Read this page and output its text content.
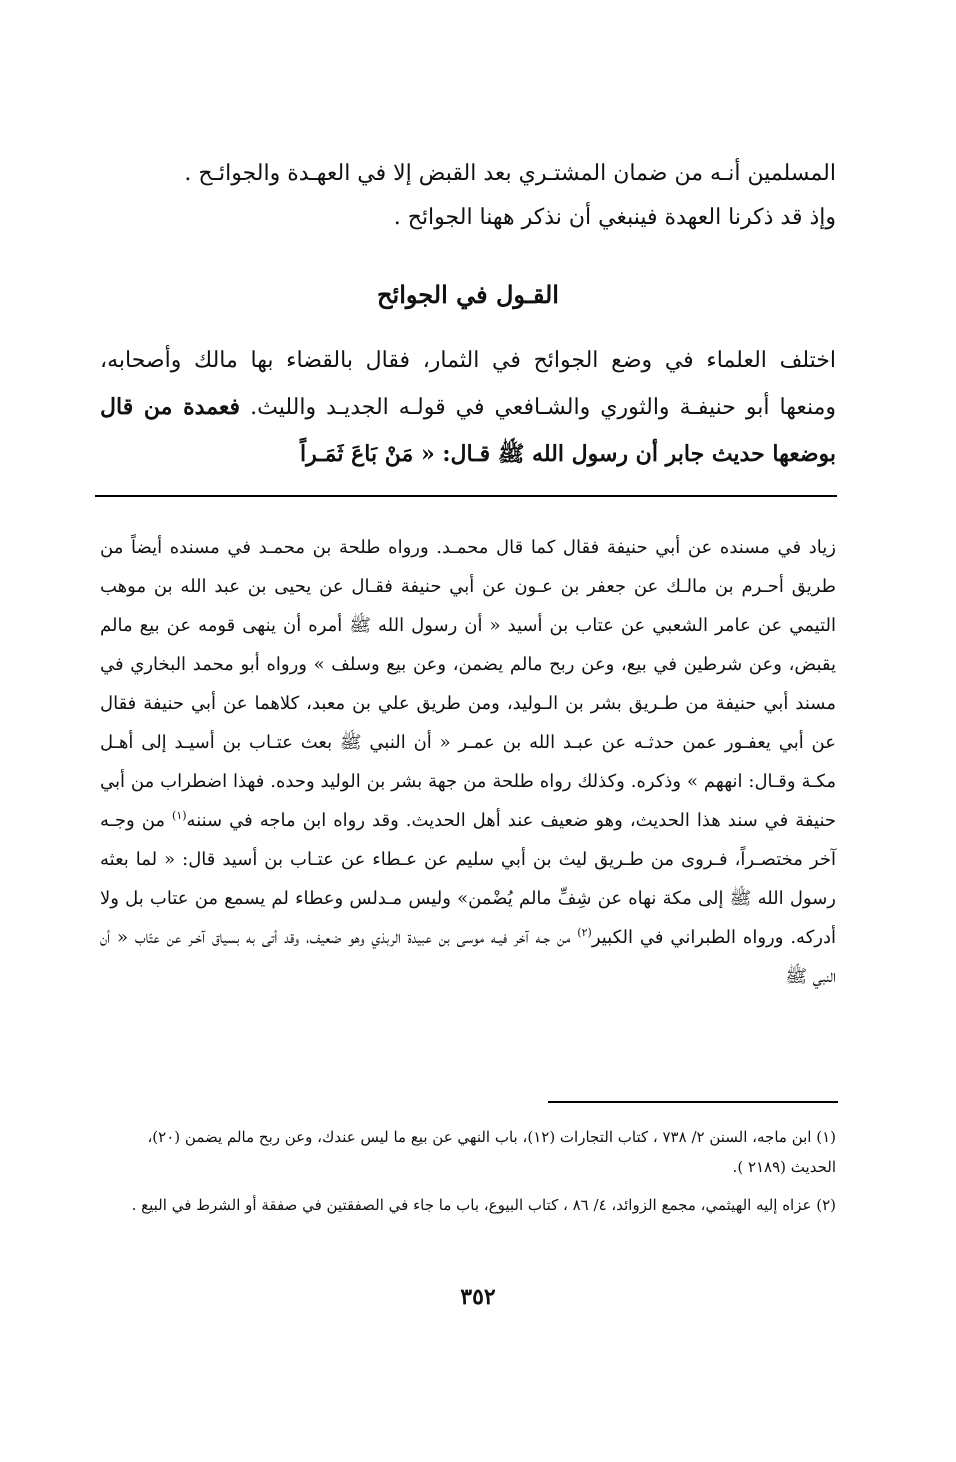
المسلمين أنـه من ضمان المشتـري بعد القبض إلا في العهـدة والجوائـح .

وإذ قد ذكرنا العهدة فينبغي أن نذكر ههنا الجوائح .

القـول في الجوائح
اختلف العلماء في وضع الجوائح في الثمار، فقال بالقضاء بها مالك وأصحابه، ومنعها أبو حنيفـة والثوري والشـافعي في قولـه الجديـد والليث. فعمدة من قال بوضعها حديث جابر أن رسول الله ﷺ قـال: « مَنْ بَاعَ ثَمَـراً
زياد في مسنده عن أبي حنيفة فقال كما قال محمـد. ورواه طلحة بن محمـد في مسنده أيضاً من طريق أحـرم بن مالـك عن جعفر بن عـون عن أبي حنيفة فقـال عن يحيى بن عبد الله بن موهب التيمي عن عامر الشعبي عن عتاب بن أسيد « أن رسول الله ﷺ أمره أن ينهى قومه عن بيع مالم يقبض، وعن شرطين في بيع، وعن ربح مالم يضمن، وعن بيع وسلف » ورواه أبو محمد البخاري في مسند أبي حنيفة من طـريق بشر بن الـوليد، ومن طريق علي بن معبد، كلاهما عن أبي حنيفة فقال عن أبي يعفـور عمن حدثـه عن عبـد الله بن عمـر « أن النبي ﷺ بعث عتـاب بن أسيـد إلى أهـل مكـة وقـال: انههم » وذكره. وكذلك رواه طلحة من جهة بشر بن الوليد وحده. فهذا اضطراب من أبي حنيفة في سند هذا الحديث، وهو ضعيف عند أهل الحديث. وقد رواه ابن ماجه في سننه$^{(١)}$ من وجـه آخر مختصـراً، فـروى من طـريق ليث بن أبي سليم عن عـطاء عن عتـاب بن أسيد قال: « لما بعثه رسول الله ﷺ إلى مكة نهاه عن شِفِّ مالم يُضْمن» وليس مـدلس وعطاء لم يسمع من عتاب بل ولا أدركه. ورواه الطبراني في الكبير$^{(٢)}$ من جـه آخر فيـه موسى بن عبيدة الربذي وهو ضعيف، وقد أتى به بسياق آخـر عن عتّاب « أن النبي ﷺ

(١) ابن ماجه، السنن ٢/ ٧٣٨ ، كتاب التجارات (١٢)، باب النهي عن بيع ما ليس عندك، وعن ربح مالم يضمن (٢٠)، الحديث (٢١٨٩ ).

(٢) عزاه إليه الهيثمي، مجمع الزوائد، ٤/ ٨٦ ، كتاب البيوع، باب ما جاء في الصفقتين في صفقة أو الشرط في البيع .

٣٥٢
